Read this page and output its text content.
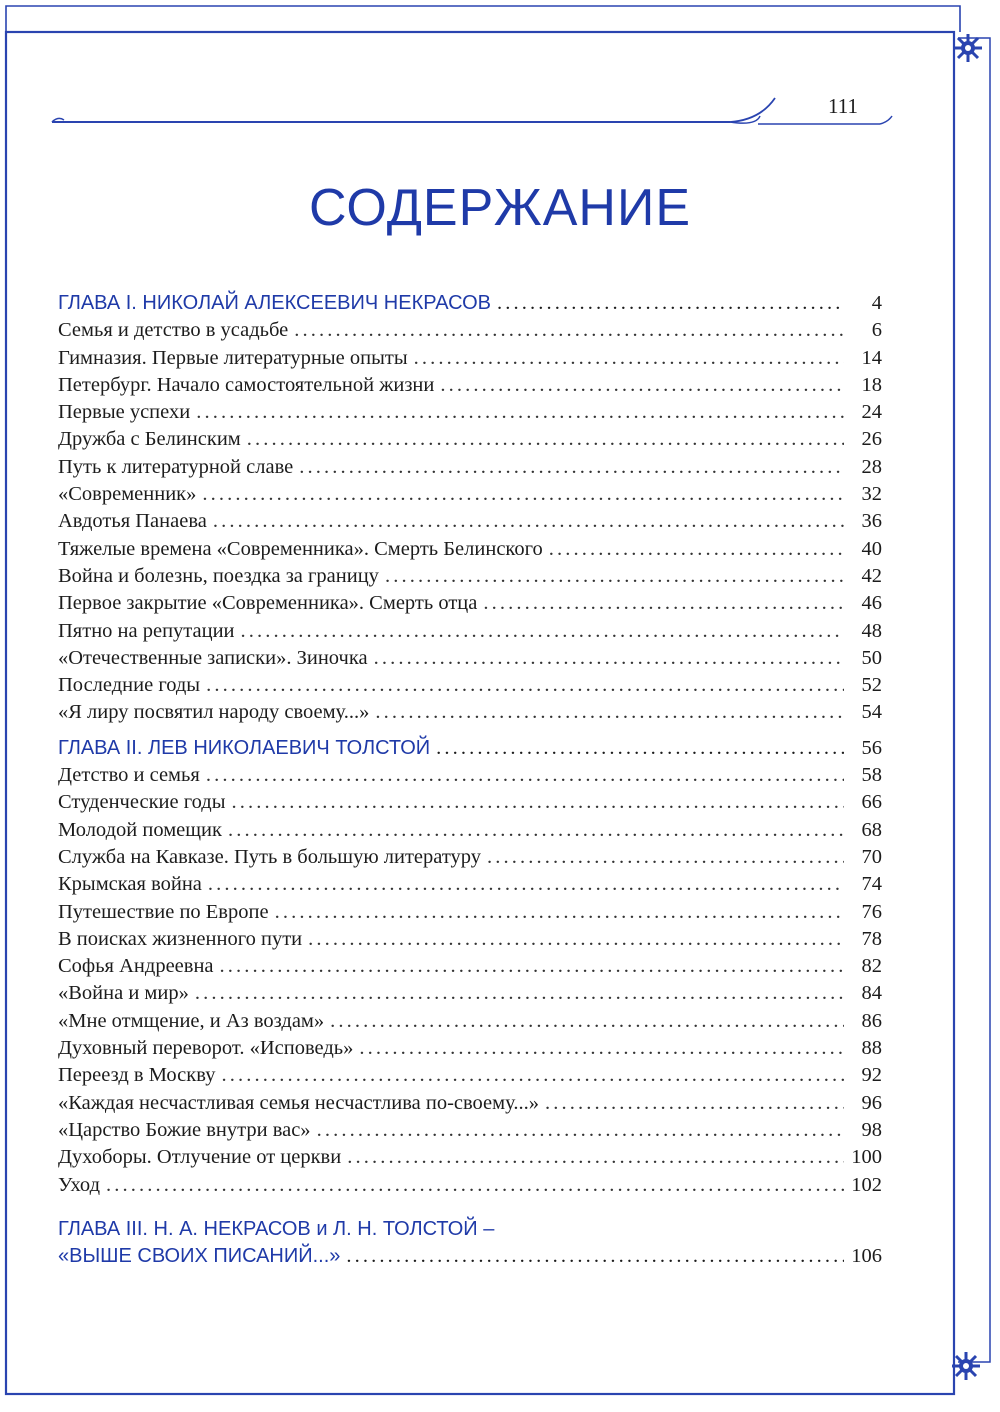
111
СОДЕРЖАНИЕ
ГЛАВА I. НИКОЛАЙ АЛЕКСЕЕВИЧ НЕКРАСОВ . . .	4
Семья и детство в усадьбе . . .	6
Гимназия. Первые литературные опыты . . .	14
Петербург. Начало самостоятельной жизни . . .	18
Первые успехи . . .	24
Дружба с Белинским . . .	26
Путь к литературной славе . . .	28
«Современник» . . .	32
Авдотья Панаева . . .	36
Тяжелые времена «Современника». Смерть Белинского . . .	40
Война и болезнь, поездка за границу . . .	42
Первое закрытие «Современника». Смерть отца . . .	46
Пятно на репутации . . .	48
«Отечественные записки». Зиночка . . .	50
Последние годы . . .	52
«Я лиру посвятил народу своему...» . . .	54
ГЛАВА II. ЛЕВ НИКОЛАЕВИЧ ТОЛСТОЙ . . .	56
Детство и семья . . .	58
Студенческие годы . . .	66
Молодой помещик . . .	68
Служба на Кавказе. Путь в большую литературу . . .	70
Крымская война . . .	74
Путешествие по Европе . . .	76
В поисках жизненного пути . . .	78
Софья Андреевна . . .	82
«Война и мир» . . .	84
«Мне отмщение, и Аз воздам» . . .	86
Духовный переворот. «Исповедь» . . .	88
Переезд в Москву . . .	92
«Каждая несчастливая семья несчастлива по-своему...» . . .	96
«Царство Божие внутри вас» . . .	98
Духоборы. Отлучение от церкви . . .	100
Уход . . .	102
ГЛАВА III. Н. А. НЕКРАСОВ и Л. Н. ТОЛСТОЙ –
«ВЫШЕ СВОИХ ПИСАНИЙ...» . . .	106
